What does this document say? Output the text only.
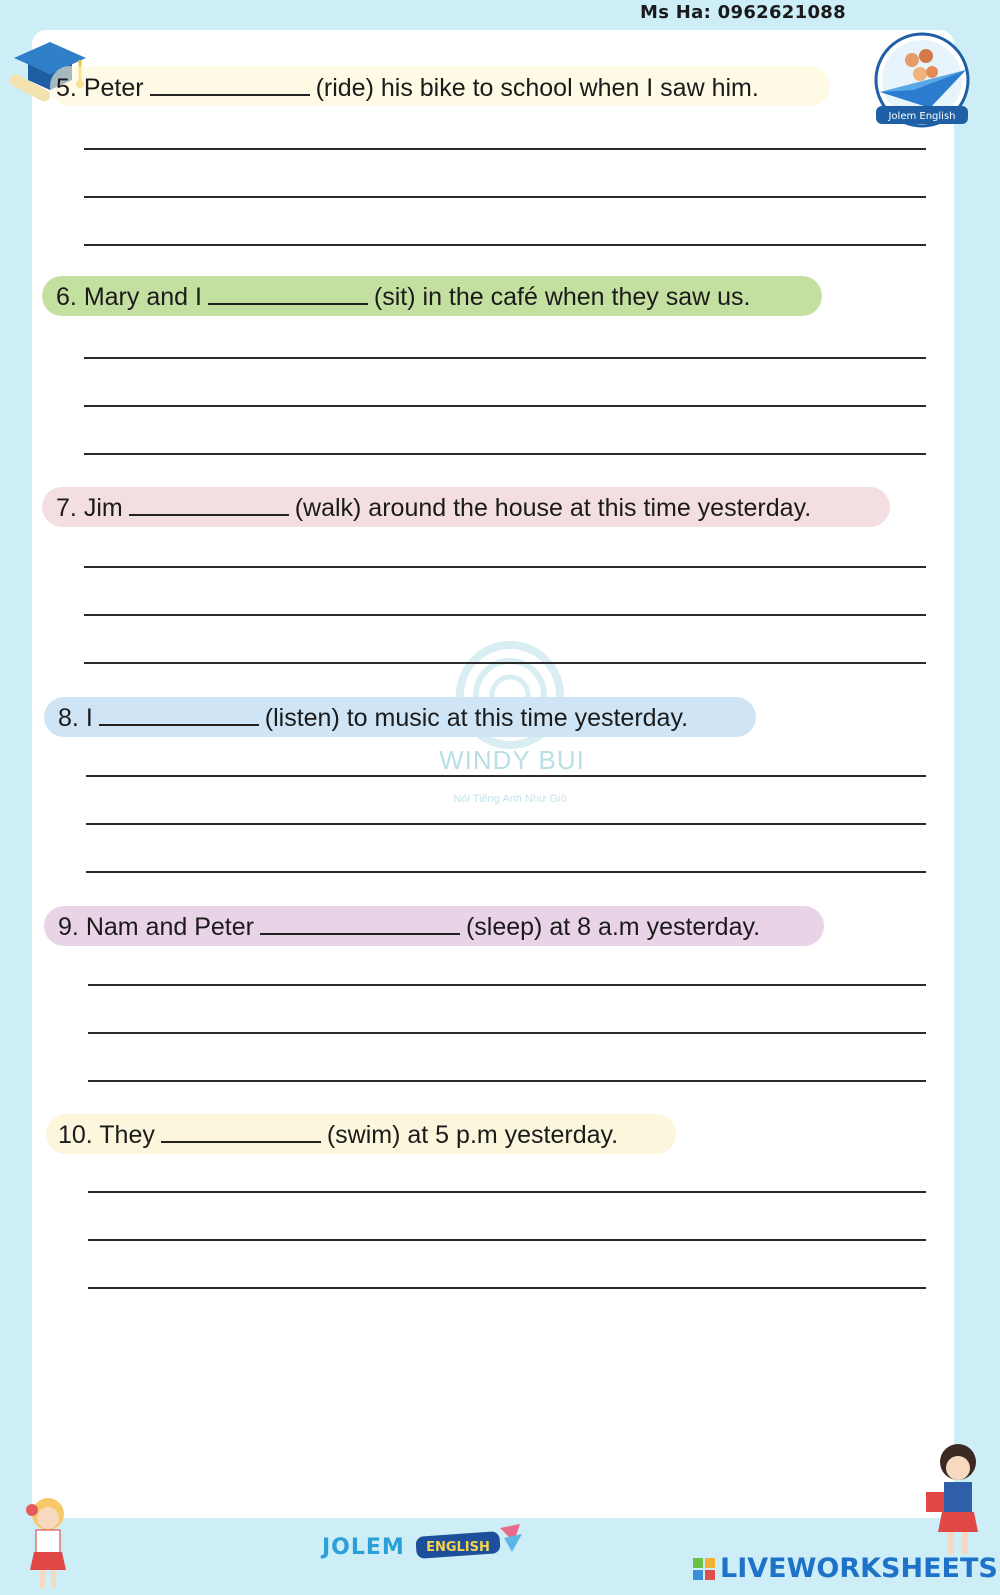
Ms Ha: 0962621088
Jolem English
WINDY BUI
Nói Tiếng Anh Như Gió
5. Peter	(ride) his bike to school when I saw him.
6. Mary and I	(sit) in the café when they saw us.
7. Jim	(walk) around the house at this time yesterday.
8. I	(listen) to music at this time yesterday.
9. Nam and Peter	(sleep) at 8 a.m yesterday.
10. They	(swim) at 5 p.m yesterday.
JOLEM ENGLISH
LIVEWORKSHEETS
